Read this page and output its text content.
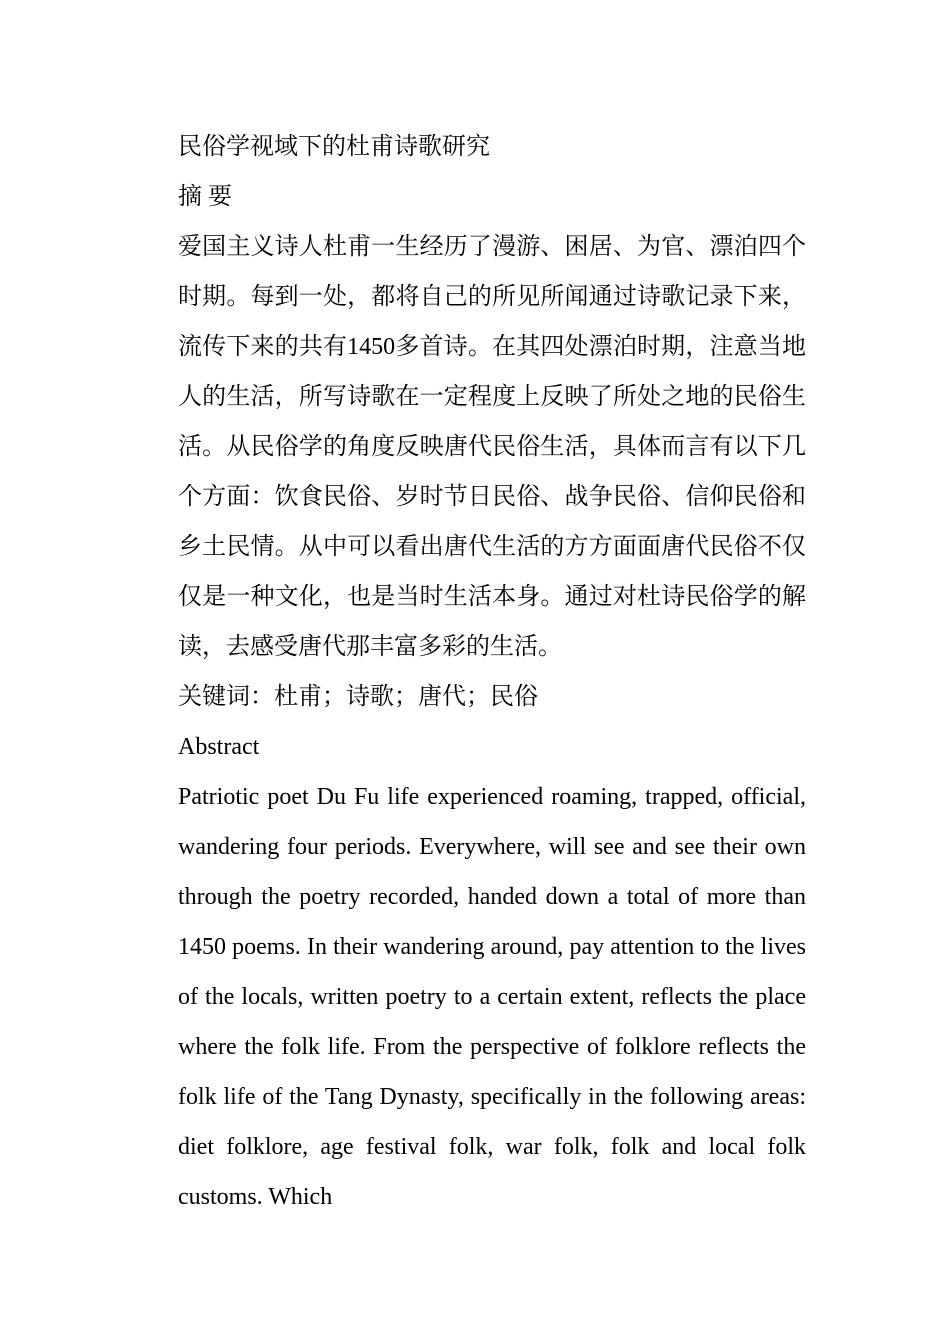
民俗学视域下的杜甫诗歌研究

摘 要

爱国主义诗人杜甫一生经历了漫游、困居、为官、漂泊四个时期。每到一处，都将自己的所见所闻通过诗歌记录下来，流传下来的共有1450多首诗。在其四处漂泊时期，注意当地人的生活，所写诗歌在一定程度上反映了所处之地的民俗生活。从民俗学的角度反映唐代民俗生活，具体而言有以下几个方面：饮食民俗、岁时节日民俗、战争民俗、信仰民俗和乡土民情。从中可以看出唐代生活的方方面面唐代民俗不仅仅是一种文化，也是当时生活本身。通过对杜诗民俗学的解读，去感受唐代那丰富多彩的生活。

关键词：杜甫；诗歌；唐代；民俗

Abstract

Patriotic poet Du Fu life experienced roaming, trapped, official, wandering four periods. Everywhere, will see and see their own through the poetry recorded, handed down a total of more than 1450 poems. In their wandering around, pay attention to the lives of the locals, written poetry to a certain extent, reflects the place where the folk life. From the perspective of folklore reflects the folk life of the Tang Dynasty, specifically in the following areas: diet folklore, age festival folk, war folk, folk and local folk customs. Which
